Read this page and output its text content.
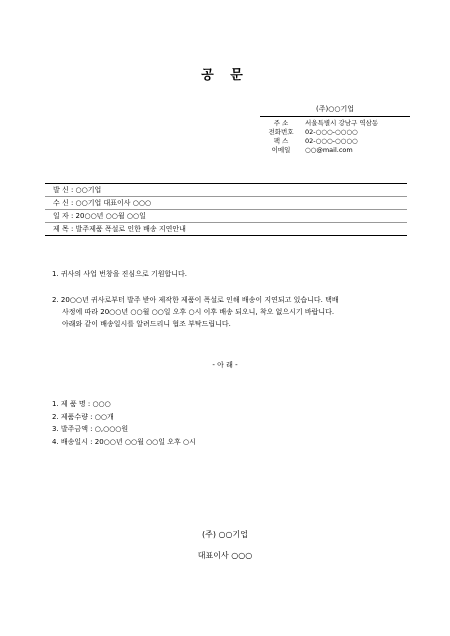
공 문
(주)○○기업
주 소	서울특별시 강남구 역삼동
전화번호	02-○○○-○○○○
팩 스	02-○○○-○○○○
이메일	○○@mail.com
발 신 : ○○기업
수 신 : ○○기업 대표이사 ○○○
일 자 : 20○○년 ○○월 ○○일
제 목 : 발주제품 폭설로 인한 배송 지연안내
1. 귀사의 사업 번창을 진심으로 기원합니다.
2. 20○○년 귀사로부터 발주 받아 제작한 제품이 폭설로 인해 배송이 지연되고 있습니다. 택배
사정에 따라 20○○년 ○○월 ○○일 오후 ○시 이후 배송 되오니, 착오 없으시기 바랍니다.
아래와 같이 배송일시를 알려드리니 협조 부탁드립니다.
- 아 래 -
1. 제 품 명 : ○○○
2. 제품수량 : ○○개
3. 발주금액 : ○,○○○원
4. 배송일시 : 20○○년 ○○월 ○○일 오후 ○시
(주) ○○기업
대표이사 ○○○
